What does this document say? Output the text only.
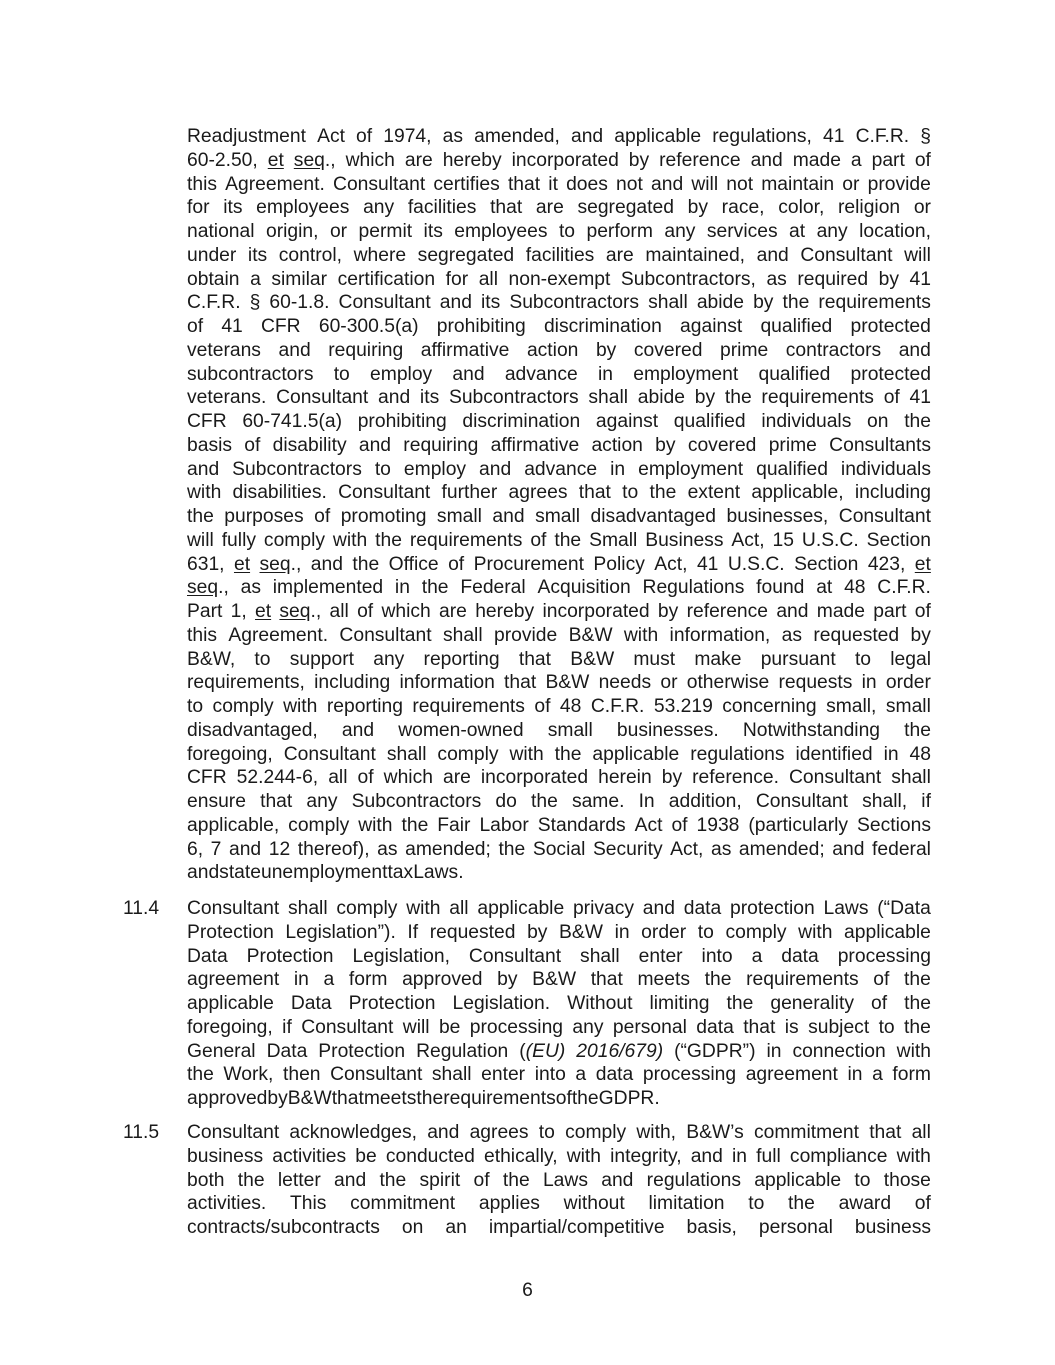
Readjustment Act of 1974, as amended, and applicable regulations, 41 C.F.R. §
60-2.50, et seq., which are hereby incorporated by reference and made a part of
this Agreement. Consultant certifies that it does not and will not maintain or provide
for its employees any facilities that are segregated by race, color, religion or
national origin, or permit its employees to perform any services at any location,
under its control, where segregated facilities are maintained, and Consultant will
obtain a similar certification for all non-exempt Subcontractors, as required by 41
C.F.R. § 60-1.8. Consultant and its Subcontractors shall abide by the requirements
of 41 CFR 60-300.5(a) prohibiting discrimination against qualified protected
veterans and requiring affirmative action by covered prime contractors and
subcontractors to employ and advance in employment qualified protected
veterans. Consultant and its Subcontractors shall abide by the requirements of 41
CFR 60-741.5(a) prohibiting discrimination against qualified individuals on the
basis of disability and requiring affirmative action by covered prime Consultants
and Subcontractors to employ and advance in employment qualified individuals
with disabilities. Consultant further agrees that to the extent applicable, including
the purposes of promoting small and small disadvantaged businesses, Consultant
will fully comply with the requirements of the Small Business Act, 15 U.S.C. Section
631, et seq., and the Office of Procurement Policy Act, 41 U.S.C. Section 423, et
seq., as implemented in the Federal Acquisition Regulations found at 48 C.F.R.
Part 1, et seq., all of which are hereby incorporated by reference and made part of
this Agreement. Consultant shall provide B&W with information, as requested by
B&W, to support any reporting that B&W must make pursuant to legal
requirements, including information that B&W needs or otherwise requests in order
to comply with reporting requirements of 48 C.F.R. 53.219 concerning small, small
disadvantaged, and women-owned small businesses. Notwithstanding the
foregoing, Consultant shall comply with the applicable regulations identified in 48
CFR 52.244-6, all of which are incorporated herein by reference. Consultant shall
ensure that any Subcontractors do the same. In addition, Consultant shall, if
applicable, comply with the Fair Labor Standards Act of 1938 (particularly Sections
6, 7 and 12 thereof), as amended; the Social Security Act, as amended; and federal
and state unemployment tax Laws.
11.4	Consultant shall comply with all applicable privacy and data protection Laws (“Data
Protection Legislation”). If requested by B&W in order to comply with applicable
Data Protection Legislation, Consultant shall enter into a data processing
agreement in a form approved by B&W that meets the requirements of the
applicable Data Protection Legislation. Without limiting the generality of the
foregoing, if Consultant will be processing any personal data that is subject to the
General Data Protection Regulation ((EU) 2016/679) (“GDPR”) in connection with
the Work, then Consultant shall enter into a data processing agreement in a form
approved by B&W that meets the requirements of the GDPR.
11.5	Consultant acknowledges, and agrees to comply with, B&W’s commitment that all
business activities be conducted ethically, with integrity, and in full compliance with
both the letter and the spirit of the Laws and regulations applicable to those
activities. This commitment applies without limitation to the award of
contracts/subcontracts on an impartial/competitive basis, personal business
6
